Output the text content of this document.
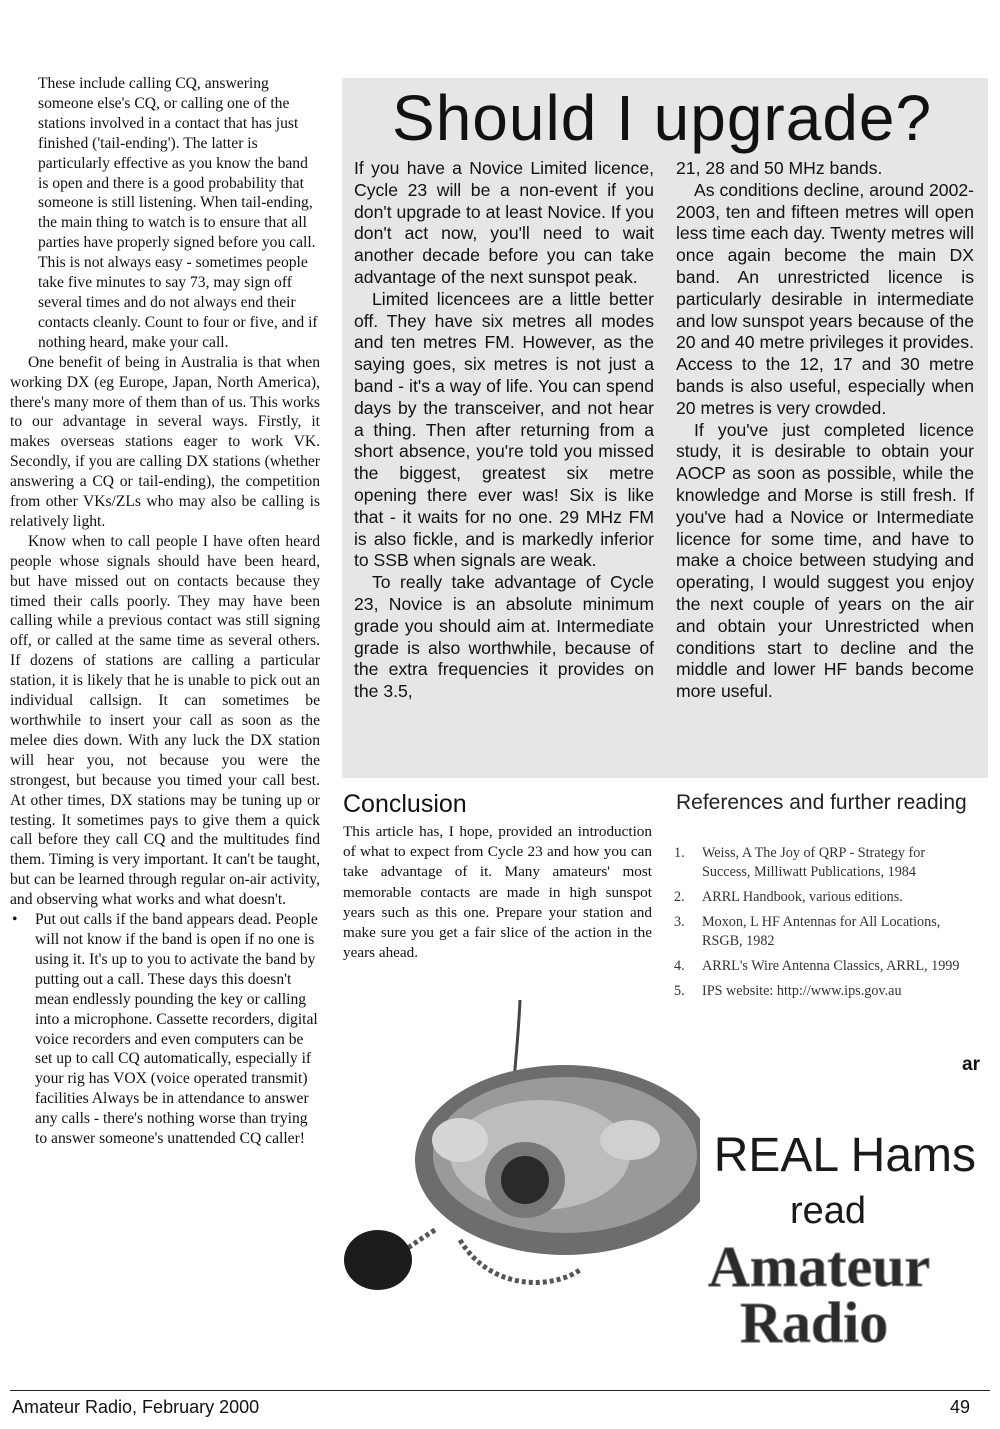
These include calling CQ, answering someone else's CQ, or calling one of the stations involved in a contact that has just finished ('tail-ending'). The latter is particularly effective as you know the band is open and there is a good probability that someone is still listening. When tail-ending, the main thing to watch is to ensure that all parties have properly signed before you call. This is not always easy - sometimes people take five minutes to say 73, may sign off several times and do not always end their contacts cleanly. Count to four or five, and if nothing heard, make your call.

One benefit of being in Australia is that when working DX (eg Europe, Japan, North America), there's many more of them than of us. This works to our advantage in several ways. Firstly, it makes overseas stations eager to work VK. Secondly, if you are calling DX stations (whether answering a CQ or tail-ending), the competition from other VKs/ZLs who may also be calling is relatively light.

Know when to call people I have often heard people whose signals should have been heard, but have missed out on contacts because they timed their calls poorly. They may have been calling while a previous contact was still signing off, or called at the same time as several others. If dozens of stations are calling a particular station, it is likely that he is unable to pick out an individual callsign. It can sometimes be worthwhile to insert your call as soon as the melee dies down. With any luck the DX station will hear you, not because you were the strongest, but because you timed your call best. At other times, DX stations may be tuning up or testing. It sometimes pays to give them a quick call before they call CQ and the multitudes find them. Timing is very important. It can't be taught, but can be learned through regular on-air activity, and observing what works and what doesn't.

• Put out calls if the band appears dead. People will not know if the band is open if no one is using it. It's up to you to activate the band by putting out a call. These days this doesn't mean endlessly pounding the key or calling into a microphone. Cassette recorders, digital voice recorders and even computers can be set up to call CQ automatically, especially if your rig has VOX (voice operated transmit) facilities Always be in attendance to answer any calls - there's nothing worse than trying to answer someone's unattended CQ caller!

Should I upgrade?

If you have a Novice Limited licence, Cycle 23 will be a non-event if you don't upgrade to at least Novice. If you don't act now, you'll need to wait another decade before you can take advantage of the next sunspot peak.

Limited licencees are a little better off. They have six metres all modes and ten metres FM. However, as the saying goes, six metres is not just a band - it's a way of life. You can spend days by the transceiver, and not hear a thing. Then after returning from a short absence, you're told you missed the biggest, greatest six metre opening there ever was! Six is like that - it waits for no one. 29 MHz FM is also fickle, and is markedly inferior to SSB when signals are weak.

To really take advantage of Cycle 23, Novice is an absolute minimum grade you should aim at. Intermediate grade is also worthwhile, because of the extra frequencies it provides on the 3.5,

21, 28 and 50 MHz bands.

As conditions decline, around 2002-2003, ten and fifteen metres will open less time each day. Twenty metres will once again become the main DX band. An unrestricted licence is particularly desirable in intermediate and low sunspot years because of the 20 and 40 metre privileges it provides. Access to the 12, 17 and 30 metre bands is also useful, especially when 20 metres is very crowded.

If you've just completed licence study, it is desirable to obtain your AOCP as soon as possible, while the knowledge and Morse is still fresh. If you've had a Novice or Intermediate licence for some time, and have to make a choice between studying and operating, I would suggest you enjoy the next couple of years on the air and obtain your Unrestricted when conditions start to decline and the middle and lower HF bands become more useful.

Conclusion

This article has, I hope, provided an introduction of what to expect from Cycle 23 and how you can take advantage of it. Many amateurs' most memorable contacts are made in high sunspot years such as this one. Prepare your station and make sure you get a fair slice of the action in the years ahead.

References and further reading
1. Weiss, A The Joy of QRP - Strategy for Success, Milliwatt Publications, 1984
2. ARRL Handbook, various editions.
3. Moxon, L HF Antennas for All Locations, RSGB, 1982
4. ARRL's Wire Antenna Classics, ARRL, 1999
5. IPS website: http://www.ips.gov.au
ar
REAL Hams
read
Amateur
Radio
Amateur Radio, February 2000	49
